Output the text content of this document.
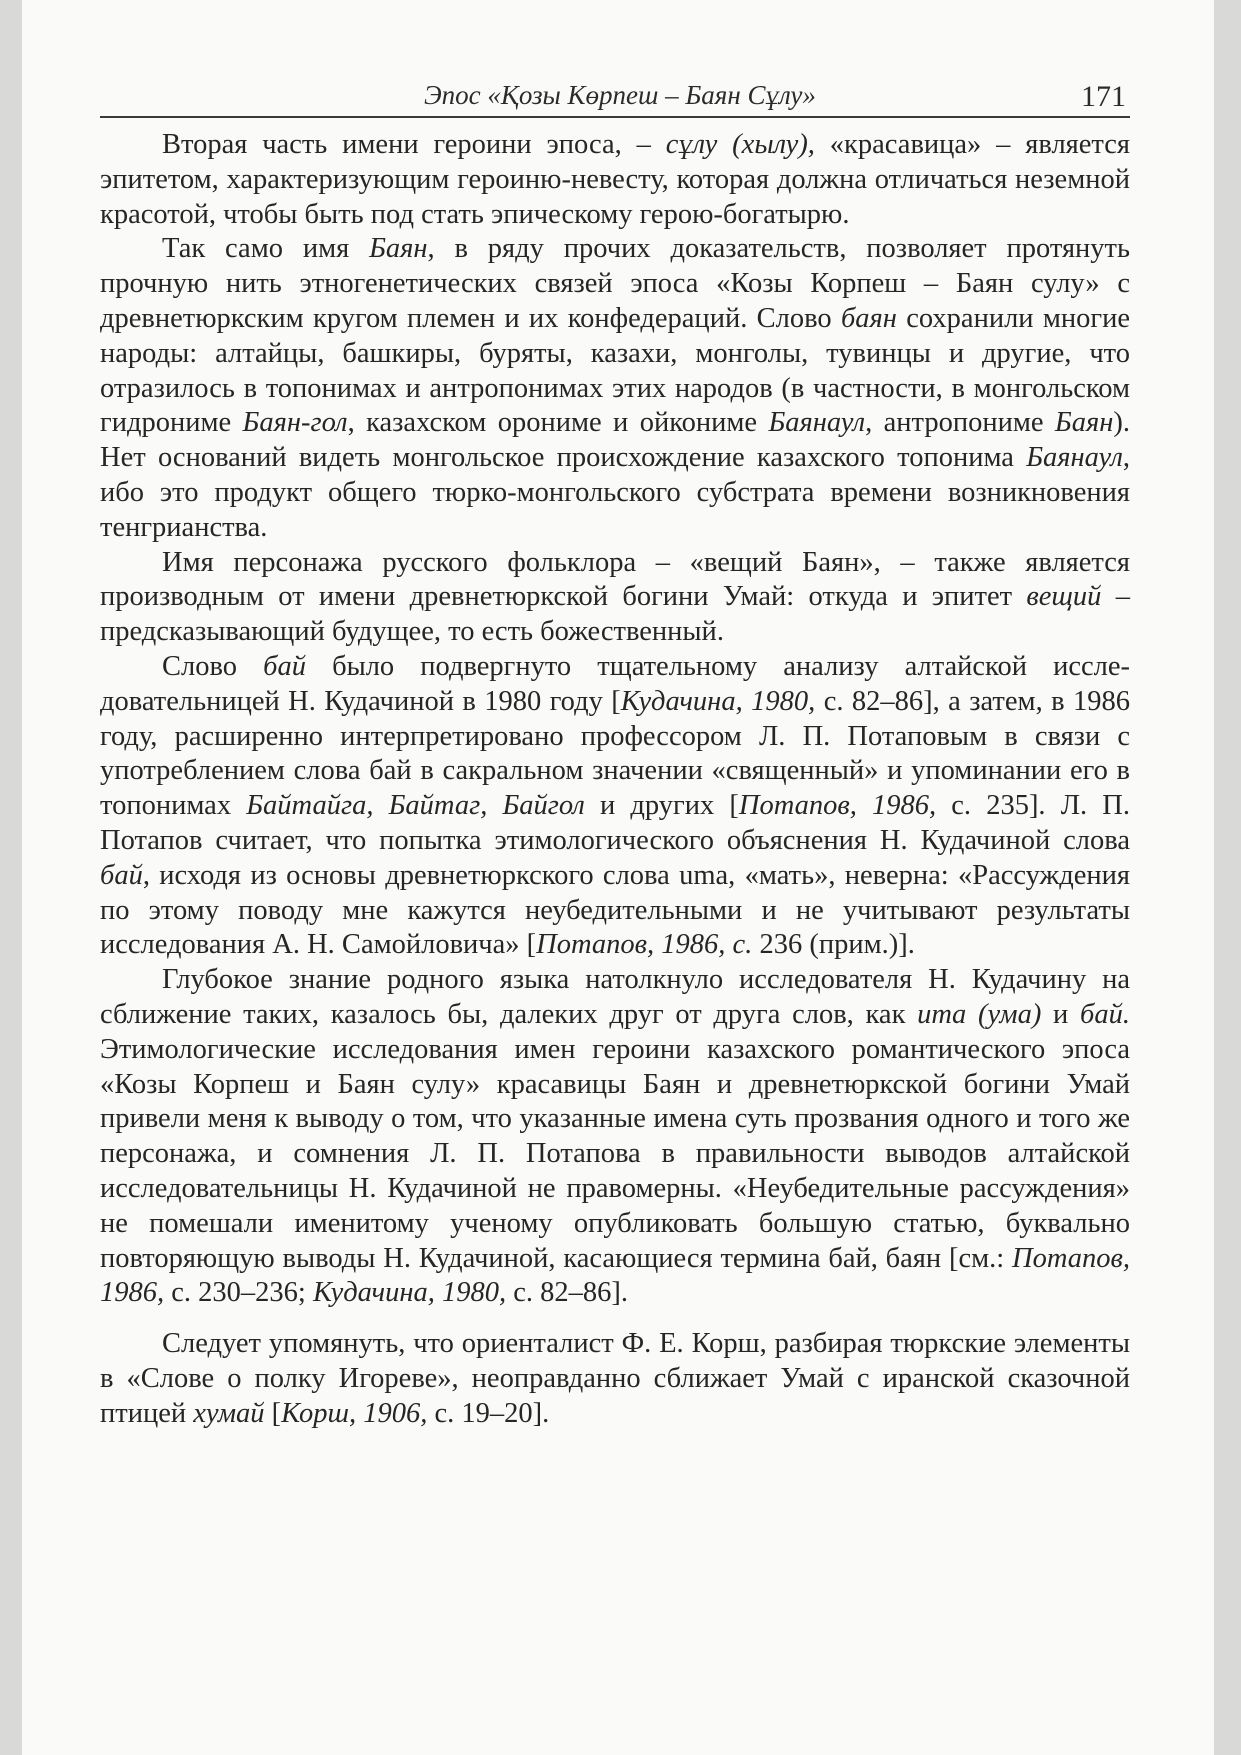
Эпос «Қозы Көрпеш – Баян Сұлу»	171

Вторая часть имени героини эпоса, – сұлу (хылу), «красавица» – является эпитетом, характеризующим героиню-невесту, которая должна отличаться неземной красотой, чтобы быть под стать эпическому герою-богатырю.

Так само имя Баян, в ряду прочих доказательств, позволяет протянуть прочную нить этногенетических связей эпоса «Козы Корпеш – Баян сулу» с древнетюркским кругом племен и их конфедераций. Слово баян сохранили многие народы: алтайцы, башкиры, буряты, казахи, монголы, тувинцы и другие, что отразилось в топонимах и антропонимах этих народов (в частности, в монгольском гидрониме Баян-гол, казахском орониме и ойкониме Баянаул, антропониме Баян). Нет оснований видеть монгольское происхождение казахского топонима Баянаул, ибо это продукт общего тюрко-монгольского субстрата времени возникновения тенгрианства.

Имя персонажа русского фольклора – «вещий Баян», – также является производным от имени древнетюркской богини Умай: откуда и эпитет вещий – предсказывающий будущее, то есть божественный.

Слово бай было подвергнуто тщательному анализу алтайской исследовательницей Н. Кудачиной в 1980 году [Кудачина, 1980, с. 82–86], а затем, в 1986 году, расширенно интерпретировано профессором Л. П. Потаповым в связи с употреблением слова бай в сакральном значении «священный» и упоминании его в топонимах Байтайга, Байтаг, Байгол и других [Потапов, 1986, с. 235]. Л. П. Потапов считает, что попытка этимологического объяснения Н. Кудачиной слова бай, исходя из основы древнетюркского слова uma, «мать», неверна: «Рассуждения по этому поводу мне кажутся неубедительными и не учитывают результаты исследования А. Н. Самойловича» [Потапов, 1986, с. 236 (прим.)].

Глубокое знание родного языка натолкнуло исследователя Н. Кудачину на сближение таких, казалось бы, далеких друг от друга слов, как uma (ума) и бай. Этимологические исследования имен героини казахского романтического эпоса «Козы Корпеш и Баян сулу» красавицы Баян и древнетюркской богини Умай привели меня к выводу о том, что указанные имена суть прозвания одного и того же персонажа, и сомнения Л. П. Потапова в правильности выводов алтайской исследовательницы Н. Кудачиной не правомерны. «Неубедительные рассуждения» не помешали именитому ученому опубликовать большую статью, буквально повторяющую выводы Н. Кудачиной, касающиеся термина бай, баян [см.: Потапов, 1986, с. 230–236; Кудачина, 1980, с. 82–86].

Следует упомянуть, что ориенталист Ф. Е. Корш, разбирая тюркские элементы в «Слове о полку Игореве», неоправданно сближает Умай с иранской сказочной птицей хумай [Корш, 1906, с. 19–20].
